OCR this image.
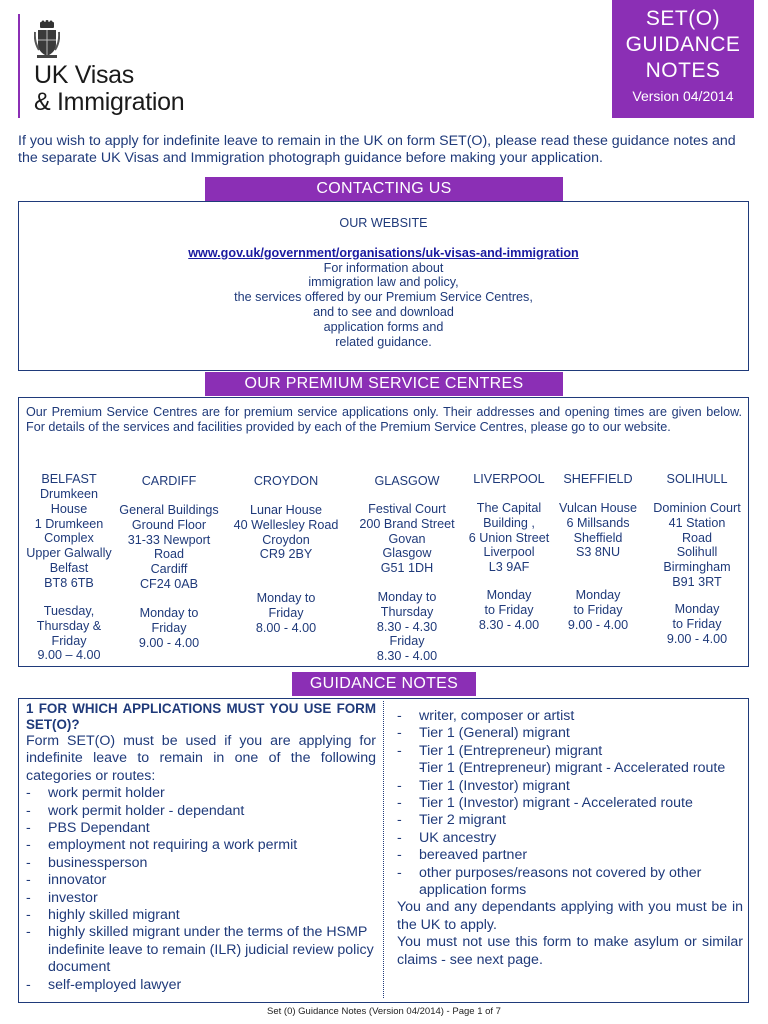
UK Visas
& Immigration
SET(O)
GUIDANCE
NOTES
Version 04/2014

If you wish to apply for indefinite leave to remain in the UK on form SET(O), please read these guidance notes and the separate UK Visas and Immigration photograph guidance before making your application.

CONTACTING US
OUR WEBSITE
www.gov.uk/government/organisations/uk-visas-and-immigration
For information about
immigration law and policy,
the services offered by our Premium Service Centres,
and to see and download
application forms and
related guidance.
OUR PREMIUM SERVICE CENTRES

Our Premium Service Centres are for premium service applications only. Their addresses and opening times are given below. For details of the services and facilities provided by each of the Premium Service Centres, please go to our website.

BELFAST
Drumkeen
House
1 Drumkeen
Complex
Upper Galwally
Belfast
BT8 6TB
Tuesday,
Thursday &
Friday
9.00 – 4.00
CARDIFF
General Buildings
Ground Floor
31-33 Newport
Road
Cardiff
CF24 0AB
Monday to
Friday
9.00 - 4.00
CROYDON
Lunar House
40 Wellesley Road
Croydon
CR9 2BY
Monday to
Friday
8.00 - 4.00
GLASGOW
Festival Court
200 Brand Street
Govan
Glasgow
G51 1DH
Monday to
Thursday
8.30 - 4.30
Friday
8.30 - 4.00
LIVERPOOL
The Capital
Building ,
6 Union Street
Liverpool
L3 9AF
Monday
to Friday
8.30 - 4.00
SHEFFIELD
Vulcan House
6 Millsands
Sheffield
S3 8NU
Monday
to Friday
9.00 - 4.00
SOLIHULL
Dominion Court
41 Station
Road
Solihull
Birmingham
B91 3RT
Monday
to Friday
9.00 - 4.00
GUIDANCE NOTES
1 FOR WHICH APPLICATIONS MUST YOU USE FORM SET(O)?
Form SET(O) must be used if you are applying for indefinite leave to remain in one of the following categories or routes:
- work permit holder
- work permit holder - dependant
- PBS Dependant
- employment not requiring a work permit
- businessperson
- innovator
- investor
- highly skilled migrant
- highly skilled migrant under the terms of the HSMP indefinite leave to remain (ILR) judicial review policy document
- self-employed lawyer
- writer, composer or artist
- Tier 1 (General) migrant
- Tier 1 (Entrepreneur) migrant
- Tier 1 (Entrepreneur) migrant - Accelerated route
- Tier 1 (Investor) migrant
- Tier 1 (Investor) migrant - Accelerated route
- Tier 2 migrant
- UK ancestry
- bereaved partner
- other purposes/reasons not covered by other application forms
You and any dependants applying with you must be in the UK to apply.
You must not use this form to make asylum or similar claims - see next page.
Set (0) Guidance Notes (Version 04/2014) - Page 1 of 7
